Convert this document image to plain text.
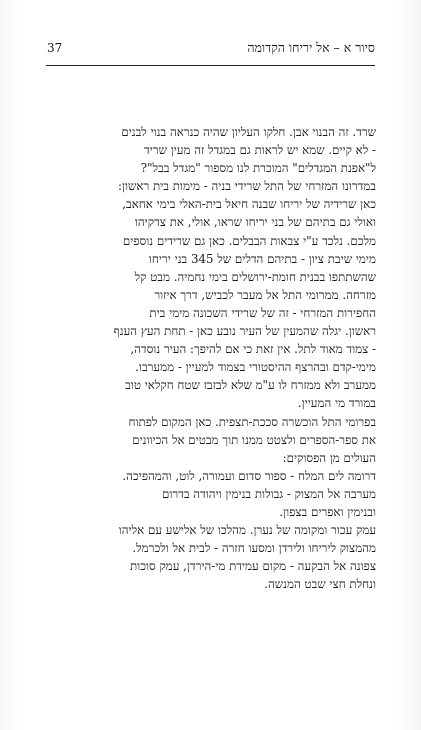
37	סיור א – אל יריחו הקדומה
שרד. זה הבנוי אבן. חלקו העליון שהיה כנראה בנוי לבנים
- לא קיים. שמא יש לראות גם במגדל זה מעין שריד
ל"אפנת המגדלים" המוכרת לנו מספור "מגדל בבל"?
במדרונו המזרחי של התל שרידי בניה - מימות בית ראשון:
כאן שרידיה של יריחו שבנה חיאל בית-האלי בימי אחאב,
ואולי גם בתיהם של בני יריחו שראו, אולי, את צדקיהו
מלכם. נלכד ע"י צבאות הבבלים. כאן גם שרידים נוספים
מימי שיבת ציון - בתיהם הדלים של 345 בני יריחו
שהשתתפו בבנית חומת-ירושלים בימי נחמיה. מבט קל
מזרחה. ממרומי התל אל מעבר לכביש, דרך איזור
החפירות המזרחי - זה של שרידי השכונה מימי בית
ראשון. יגלה שהמעין של העיר נובע כאן - תחת העץ הענף
- צמוד מאוד לתל. אין זאת כי אם להיפך: העיר נוסדה,
מימי-קדם ובהרצף ההיסטורי בצמוד למעיין - ממערבו.
ממערב ולא ממזרח לו ע"מ שלא לבזבז שטח חקלאי טוב
במורד מי המעיין.
בפרומי התל הוכשרה סככת-תצפית. כאן המקום לפתוח
את ספר-הספרים ולצטט ממנו תוך מבטים אל הכיוונים
העולים מן הפסוקים:
דרומה לים המלח - ספור סדום ועמורה, לוט, והמהפיכה.
מערבה אל המצוק - גבולות בנימין ויהודה בדרום
ובנימין ואפרים בצפון.
עמק עכור ומקומה של נערן. מהלכו של אלישע עם אליהו
מהמצוק ליריחו ולירדן ומסעו חזרה - לבית אל ולכרמל.
צפונה אל הבקעה - מקום עמידת מי-הירדן, עמק סוכות
ונחלת חצי שבט המנשה.
